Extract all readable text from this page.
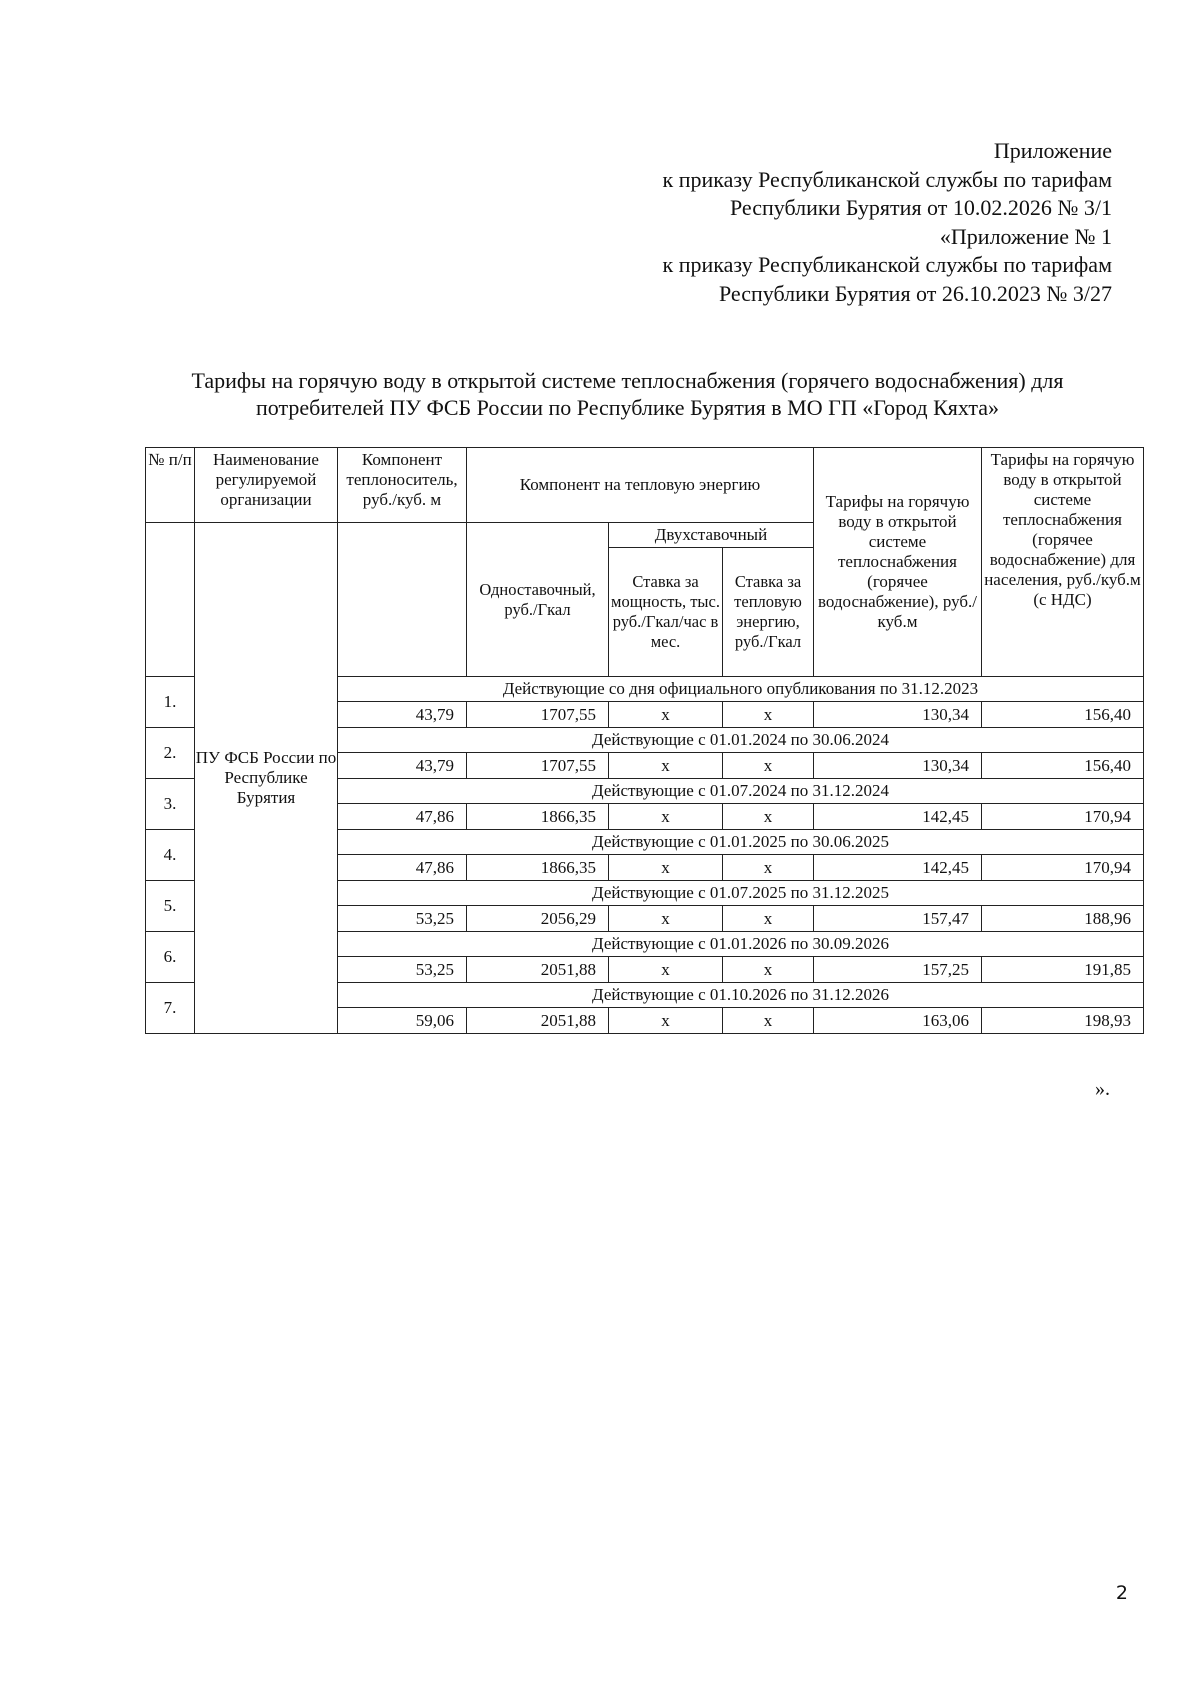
Приложение
к приказу Республиканской службы по тарифам
Республики Бурятия от 10.02.2026 № 3/1
«Приложение № 1
к приказу Республиканской службы по тарифам
Республики Бурятия от 26.10.2023 № 3/27
Тарифы на горячую воду в открытой системе теплоснабжения (горячего водоснабжения) для
потребителей ПУ ФСБ России по Республике Бурятия в МО ГП «Город Кяхта»
№ п/п	Наименование регулируемой организации	Компонент теплоноситель, руб./куб. м	Компонент на тепловую энергию			Тарифы на горячую воду в открытой системе теплоснабжения (горячее водоснабжение), руб./куб.м	Тарифы на горячую воду в открытой системе теплоснабжения (горячее водоснабжение) для населения, руб./куб.м (с НДС)
	ПУ ФСБ России по Республике Бурятия		Одноставочный, руб./Гкал	Двухставочный			
				Ставка за мощность, тыс. руб./Гкал/час в мес.	Ставка за тепловую энергию, руб./Гкал		
1.		Действующие со дня официального опубликования по 31.12.2023					
		43,79	1707,55	х	х	130,34	156,40
2.		Действующие с 01.01.2024 по 30.06.2024					
		43,79	1707,55	х	х	130,34	156,40
3.		Действующие с 01.07.2024 по 31.12.2024					
		47,86	1866,35	х	х	142,45	170,94
4.		Действующие с 01.01.2025 по 30.06.2025					
		47,86	1866,35	х	х	142,45	170,94
5.		Действующие с 01.07.2025 по 31.12.2025					
		53,25	2056,29	х	х	157,47	188,96
6.		Действующие с 01.01.2026 по 30.09.2026					
		53,25	2051,88	х	х	157,25	191,85
7.		Действующие с 01.10.2026 по 31.12.2026					
		59,06	2051,88	х	х	163,06	198,93
».
2
